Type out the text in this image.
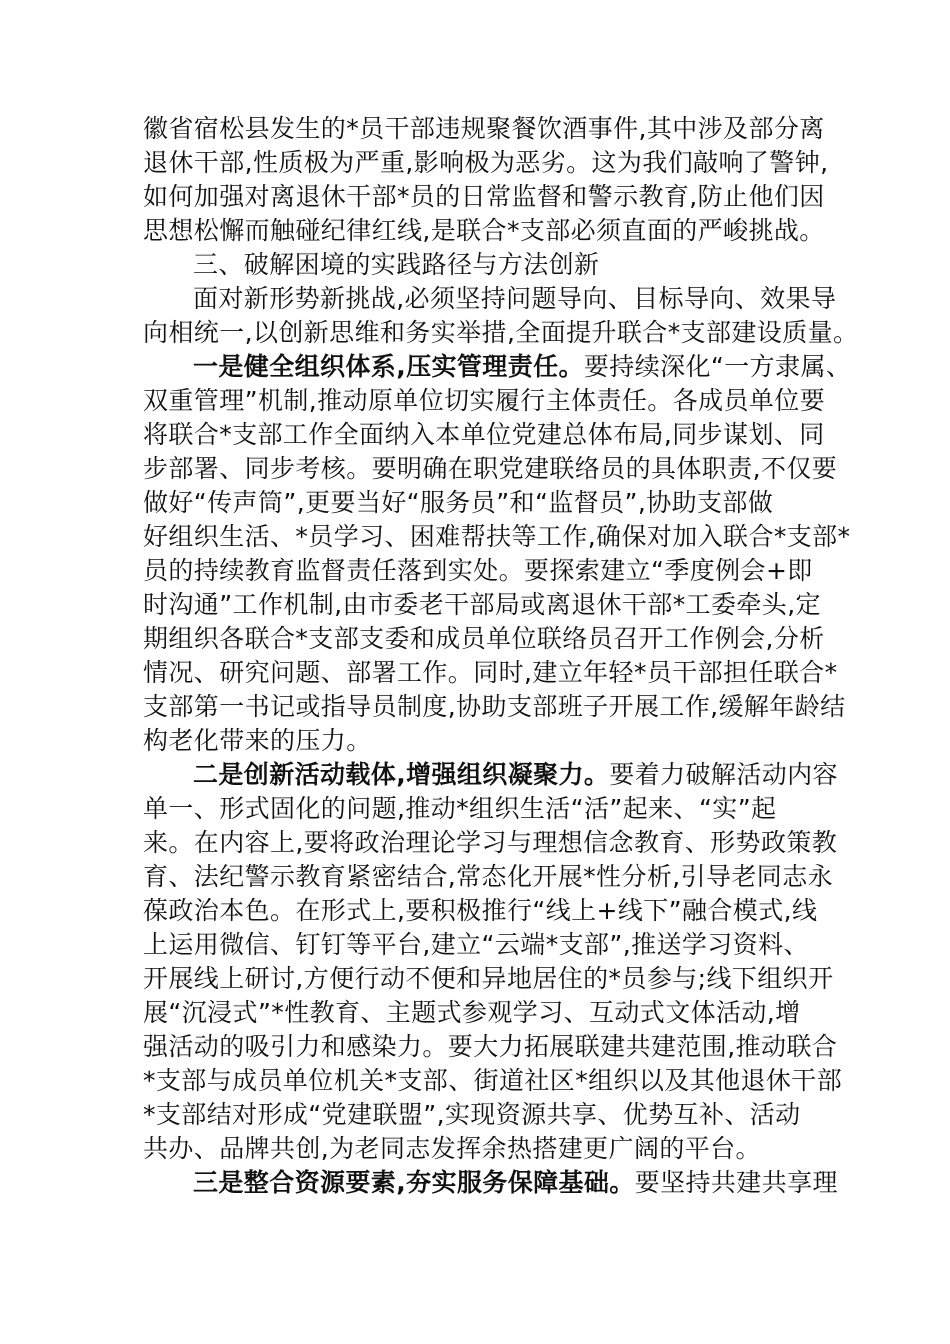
徽省宿松县发生的*员干部违规聚餐饮酒事件,其中涉及部分离
退休干部,性质极为严重,影响极为恶劣。这为我们敲响了警钟,
如何加强对离退休干部*员的日常监督和警示教育,防止他们因
思想松懈而触碰纪律红线,是联合*支部必须直面的严峻挑战。
三、破解困境的实践路径与方法创新
面对新形势新挑战,必须坚持问题导向、目标导向、效果导
向相统一,以创新思维和务实举措,全面提升联合*支部建设质量。
一是健全组织体系,压实管理责任。要持续深化“一方隶属、
双重管理”机制,推动原单位切实履行主体责任。各成员单位要
将联合*支部工作全面纳入本单位党建总体布局,同步谋划、同
步部署、同步考核。要明确在职党建联络员的具体职责,不仅要
做好“传声筒”,更要当好“服务员”和“监督员”,协助支部做
好组织生活、*员学习、困难帮扶等工作,确保对加入联合*支部*
员的持续教育监督责任落到实处。要探索建立“季度例会+即
时沟通”工作机制,由市委老干部局或离退休干部*工委牵头,定
期组织各联合*支部支委和成员单位联络员召开工作例会,分析
情况、研究问题、部署工作。同时,建立年轻*员干部担任联合*
支部第一书记或指导员制度,协助支部班子开展工作,缓解年龄结
构老化带来的压力。
二是创新活动载体,增强组织凝聚力。要着力破解活动内容
单一、形式固化的问题,推动*组织生活“活”起来、“实”起
来。在内容上,要将政治理论学习与理想信念教育、形势政策教
育、法纪警示教育紧密结合,常态化开展*性分析,引导老同志永
葆政治本色。在形式上,要积极推行“线上+线下”融合模式,线
上运用微信、钉钉等平台,建立“云端*支部”,推送学习资料、
开展线上研讨,方便行动不便和异地居住的*员参与;线下组织开
展“沉浸式”*性教育、主题式参观学习、互动式文体活动,增
强活动的吸引力和感染力。要大力拓展联建共建范围,推动联合
*支部与成员单位机关*支部、街道社区*组织以及其他退休干部
*支部结对形成“党建联盟”,实现资源共享、优势互补、活动
共办、品牌共创,为老同志发挥余热搭建更广阔的平台。
三是整合资源要素,夯实服务保障基础。要坚持共建共享理
